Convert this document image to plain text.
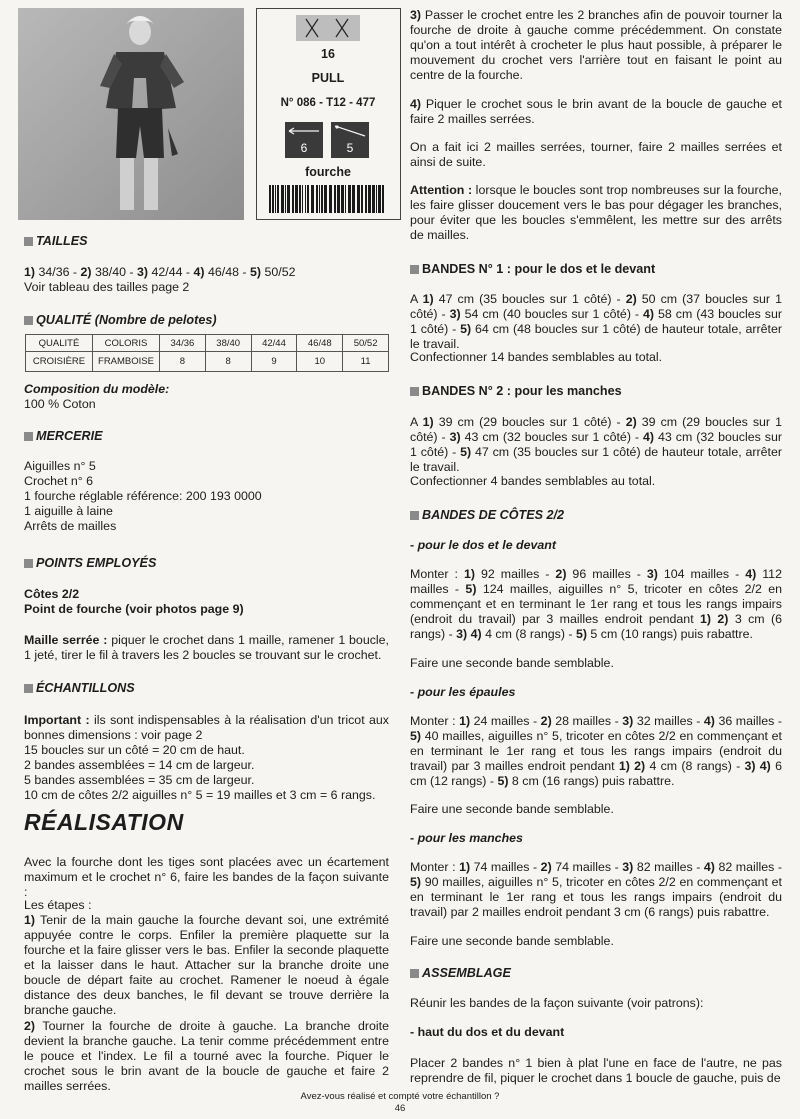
16
PULL
N° 086 - T12 - 477
6	5
fourche
TAILLES

1) 34/36 - 2) 38/40 - 3) 42/44 - 4) 46/48 - 5) 50/52

Voir tableau des tailles page 2

QUALITÉ (Nombre de pelotes)
QUALITÉ	COLORIS	34/36	38/40	42/44	46/48	50/52
CROISIÈRE	FRAMBOISE	8	8	9	10	11

Composition du modèle:

100 % Coton

MERCERIE

Aiguilles n° 5

Crochet n° 6

1 fourche réglable référence: 200 193 0000

1 aiguille à laine

Arrêts de mailles

POINTS EMPLOYÉS

Côtes 2/2

Point de fourche (voir photos page 9)

Maille serrée : piquer le crochet dans 1 maille, ramener 1 boucle, 1 jeté, tirer le fil à travers les 2 boucles se trouvant sur le crochet.

ÉCHANTILLONS

Important : ils sont indispensables à la réalisation d'un tricot aux bonnes dimensions : voir page 2

15 boucles sur un côté = 20 cm de haut.

2 bandes assemblées = 14 cm de largeur.

5 bandes assemblées = 35 cm de largeur.

10 cm de côtes 2/2 aiguilles n° 5 = 19 mailles et 3 cm = 6 rangs.

RÉALISATION

Avec la fourche dont les tiges sont placées avec un écartement maximum et le crochet n° 6, faire les bandes de la façon suivante :

Les étapes :

1) Tenir de la main gauche la fourche devant soi, une extrémité appuyée contre le corps. Enfiler la première plaquette sur la fourche et la faire glisser vers le bas. Enfiler la seconde plaquette et la laisser dans le haut. Attacher sur la branche droite une boucle de départ faite au crochet. Ramener le noeud à égale distance des deux banches, le fil devant se trouve derrière la branche gauche.

2) Tourner la fourche de droite à gauche. La branche droite devient la branche gauche. La tenir comme précédemment entre le pouce et l'index. Le fil a tourné avec la fourche. Piquer le crochet sous le brin avant de la boucle de gauche et faire 2 mailles serrées.

3) Passer le crochet entre les 2 branches afin de pouvoir tourner la fourche de droite à gauche comme précédemment. On constate qu'on a tout intérêt à crocheter le plus haut possible, à préparer le mouvement du crochet vers l'arrière tout en faisant le point au centre de la fourche.

4) Piquer le crochet sous le brin avant de la boucle de gauche et faire 2 mailles serrées.

On a fait ici 2 mailles serrées, tourner, faire 2 mailles serrées et ainsi de suite.

Attention : lorsque le boucles sont trop nombreuses sur la fourche, les faire glisser doucement vers le bas pour dégager les branches, pour éviter que les boucles s'emmêlent, les mettre sur des arrêts de mailles.

BANDES N° 1 : pour le dos et le devant

A 1) 47 cm (35 boucles sur 1 côté) - 2) 50 cm (37 boucles sur 1 côté) - 3) 54 cm (40 boucles sur 1 côté) - 4) 58 cm (43 boucles sur 1 côté) - 5) 64 cm (48 boucles sur 1 côté) de hauteur totale, arrêter le travail.

Confectionner 14 bandes semblables au total.

BANDES N° 2 : pour les manches

A 1) 39 cm (29 boucles sur 1 côté) - 2) 39 cm (29 boucles sur 1 côté) - 3) 43 cm (32 boucles sur 1 côté) - 4) 43 cm (32 boucles sur 1 côté) - 5) 47 cm (35 boucles sur 1 côté) de hauteur totale, arrêter le travail.

Confectionner 4 bandes semblables au total.

BANDES DE CÔTES 2/2

- pour le dos et le devant

Monter : 1) 92 mailles - 2) 96 mailles - 3) 104 mailles - 4) 112 mailles - 5) 124 mailles, aiguilles n° 5, tricoter en côtes 2/2 en commençant et en terminant le 1er rang et tous les rangs impairs (endroit du travail) par 3 mailles endroit pendant 1) 2) 3 cm (6 rangs) - 3) 4) 4 cm (8 rangs) - 5) 5 cm (10 rangs) puis rabattre.

Faire une seconde bande semblable.

- pour les épaules

Monter : 1) 24 mailles - 2) 28 mailles - 3) 32 mailles - 4) 36 mailles - 5) 40 mailles, aiguilles n° 5, tricoter en côtes 2/2 en commençant et en terminant le 1er rang et tous les rangs impairs (endroit du travail) par 3 mailles endroit pendant 1) 2) 4 cm (8 rangs) - 3) 4) 6 cm (12 rangs) - 5) 8 cm (16 rangs) puis rabattre.

Faire une seconde bande semblable.

- pour les manches

Monter : 1) 74 mailles - 2) 74 mailles - 3) 82 mailles - 4) 82 mailles - 5) 90 mailles, aiguilles n° 5, tricoter en côtes 2/2 en commençant et en terminant le 1er rang et tous les rangs impairs (endroit du travail) par 2 mailles endroit pendant 3 cm (6 rangs) puis rabattre.

Faire une seconde bande semblable.

ASSEMBLAGE

Réunir les bandes de la façon suivante (voir patrons):

- haut du dos et du devant

Placer 2 bandes n° 1 bien à plat l'une en face de l'autre, ne pas reprendre de fil, piquer le crochet dans 1 boucle de gauche, puis de

Avez-vous réalisé et compté votre échantillon ?
46
